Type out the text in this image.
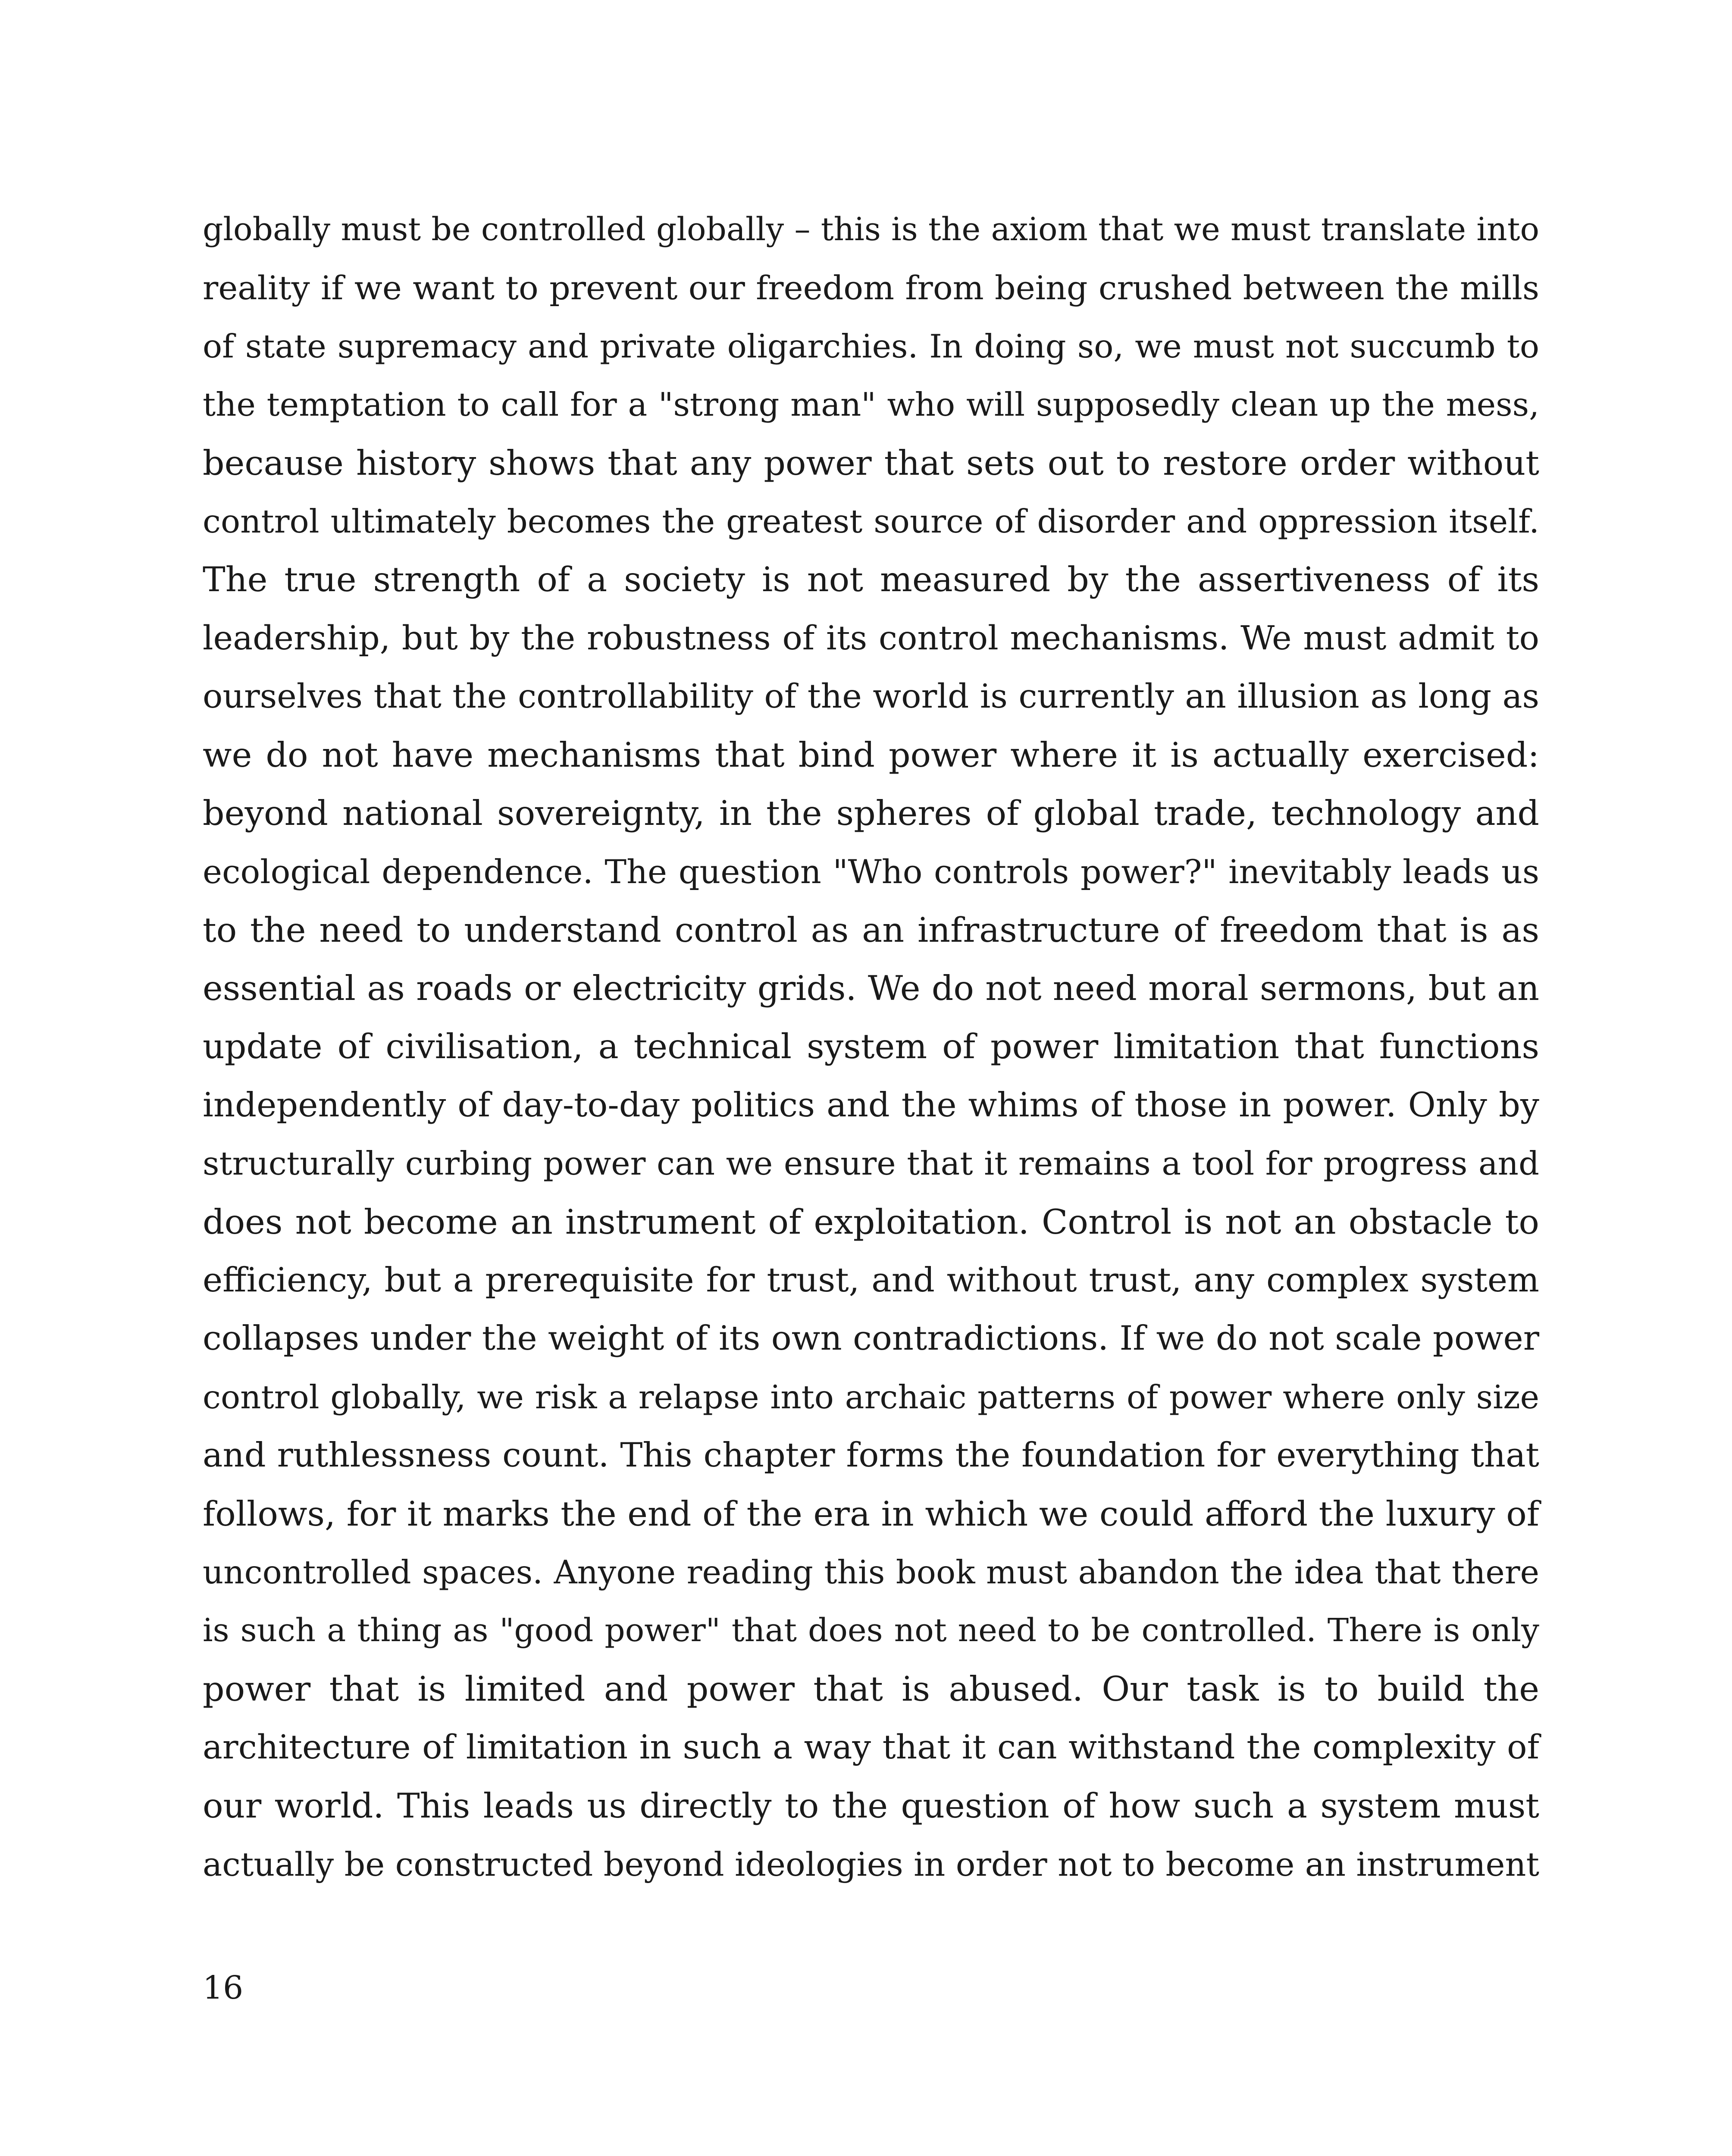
globally must be controlled globally – this is the axiom that we must translate into
reality if we want to prevent our freedom from being crushed between the mills
of state supremacy and private oligarchies. In doing so, we must not succumb to
the temptation to call for a "strong man" who will supposedly clean up the mess,
because history shows that any power that sets out to restore order without
control ultimately becomes the greatest source of disorder and oppression itself.
The true strength of a society is not measured by the assertiveness of its
leadership, but by the robustness of its control mechanisms. We must admit to
ourselves that the controllability of the world is currently an illusion as long as
we do not have mechanisms that bind power where it is actually exercised:
beyond national sovereignty, in the spheres of global trade, technology and
ecological dependence. The question "Who controls power?" inevitably leads us
to the need to understand control as an infrastructure of freedom that is as
essential as roads or electricity grids. We do not need moral sermons, but an
update of civilisation, a technical system of power limitation that functions
independently of day-to-day politics and the whims of those in power. Only by
structurally curbing power can we ensure that it remains a tool for progress and
does not become an instrument of exploitation. Control is not an obstacle to
efficiency, but a prerequisite for trust, and without trust, any complex system
collapses under the weight of its own contradictions. If we do not scale power
control globally, we risk a relapse into archaic patterns of power where only size
and ruthlessness count. This chapter forms the foundation for everything that
follows, for it marks the end of the era in which we could afford the luxury of
uncontrolled spaces. Anyone reading this book must abandon the idea that there
is such a thing as "good power" that does not need to be controlled. There is only
power that is limited and power that is abused. Our task is to build the
architecture of limitation in such a way that it can withstand the complexity of
our world. This leads us directly to the question of how such a system must
actually be constructed beyond ideologies in order not to become an instrument
16
